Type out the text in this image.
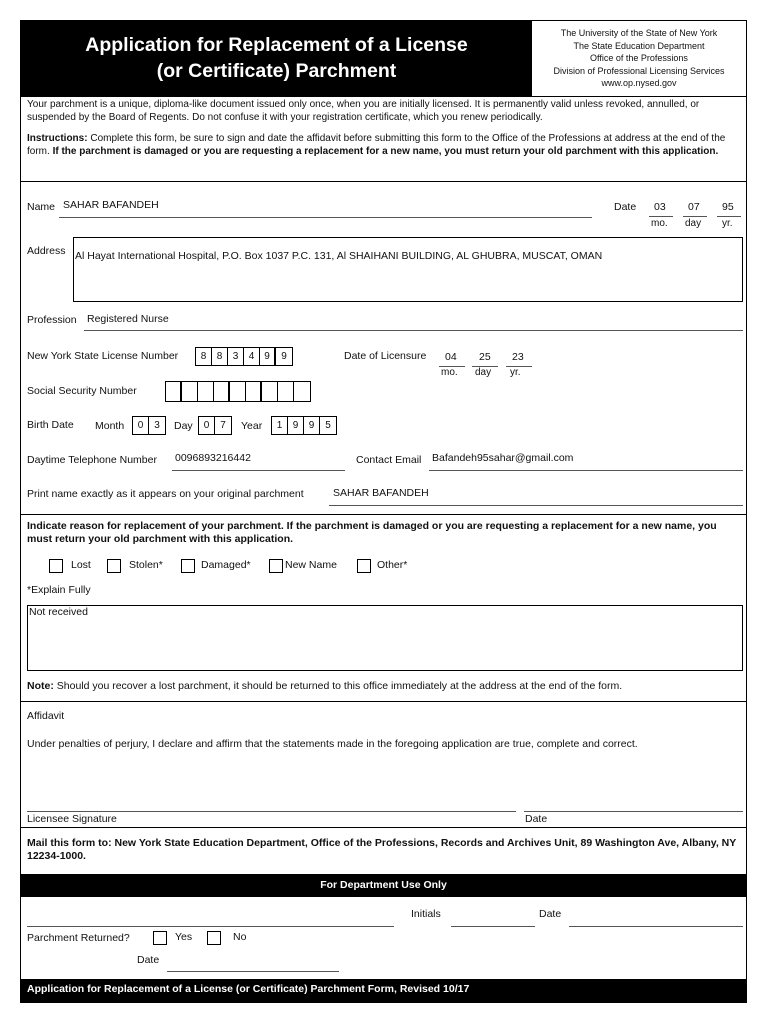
Application for Replacement of a License
(or Certificate) Parchment
The University of the State of New York
The State Education Department
Office of the Professions
Division of Professional Licensing Services
www.op.nysed.gov
Your parchment is a unique, diploma-like document issued only once, when you are initially licensed. It is permanently valid unless revoked, annulled, or suspended by the Board of Regents. Do not confuse it with your registration certificate, which you renew periodically.
Instructions: Complete this form, be sure to sign and date the affidavit before submitting this form to the Office of the Professions at address at the end of the form. If the parchment is damaged or you are requesting a replacement for a new name, you must return your old parchment with this application.
Name SAHAR BAFANDEH	Date 03 07 95
mo. day yr.
Address Al Hayat International Hospital, P.O. Box 1037 P.C. 131, Al SHAIHANI BUILDING, AL GHUBRA, MUSCAT, OMAN
Profession Registered Nurse
New York State License Number	8	8	3	4 9	9	Date of Licensure 04 25 23
mo. day yr.
Social Security Number
Birth Date Month	0	3	Day	0	7	Year	1	9	9	5
Daytime Telephone Number 0096893216442	Contact Email Bafandeh95sahar@gmail.com
Print name exactly as it appears on your original parchment	SAHAR BAFANDEH
Indicate reason for replacement of your parchment. If the parchment is damaged or you are requesting a replacement for a new name, you must return your old parchment with this application.
Lost	Stolen*	Damaged*	New Name	Other*
*Explain Fully
Not received
Note: Should you recover a lost parchment, it should be returned to this office immediately at the address at the end of the form.
Affidavit
Under penalties of perjury, I declare and affirm that the statements made in the foregoing application are true, complete and correct.
Licensee Signature	Date
Mail this form to: New York State Education Department, Office of the Professions, Records and Archives Unit, 89 Washington Ave, Albany, NY 12234-1000.
For Department Use Only
Initials	Date
Parchment Returned?	Yes	No
Date
Application for Replacement of a License (or Certificate) Parchment Form, Revised 10/17
